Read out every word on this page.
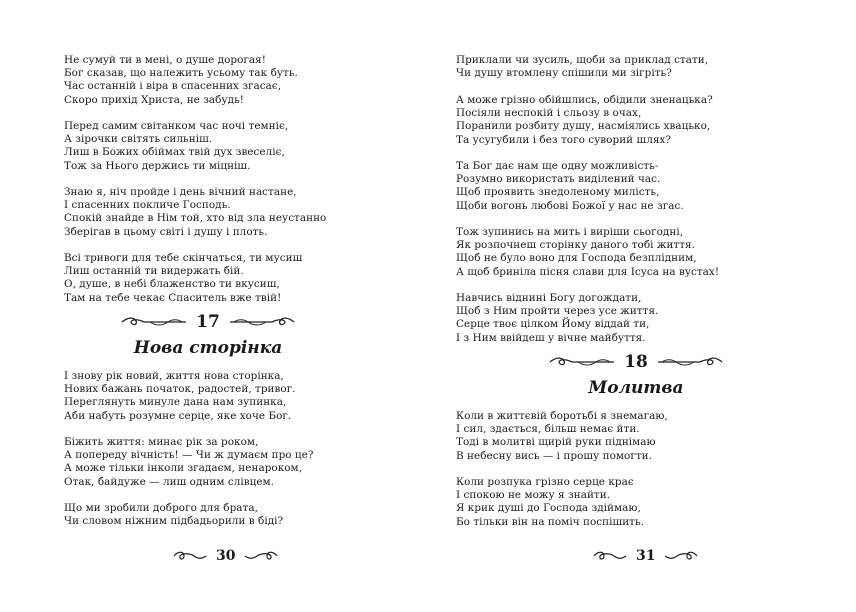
Не сумуй ти в мені, о душе дорогая!
Бог сказав, що належить усьому так буть.
Час останній і віра в спасенних згасає,
Скоро прихід Христа, не забудь!
Перед самим світанком час ночі темніє,
А зірочки світять сильніш.
Лиш в Божих обіймах твій дух звеселіє,
Тож за Нього держись ти міцніш.
Знаю я, ніч пройде і день вічний настане,
І спасенних покличе Господь.
Спокій знайде в Нім той, хто від зла неустанно
Зберігав в цьому світі і душу і плоть.
Всі тривоги для тебе скінчаться, ти мусиш
Лиш останній ти видержать бій.
О, душе, в небі блаженство ти вкусиш,
Там на тебе чекає Спаситель вже твій!
17
Нова сторінка
І знову рік новий, життя нова сторінка,
Нових бажань початок, радостей, тривог.
Переглянуть минуле дана нам зупинка,
Аби набуть розумне серце, яке хоче Бог.
Біжить життя: минає рік за роком,
А попереду вічність! — Чи ж думаєм про це?
А може тільки інколи згадаєм, ненароком,
Отак, байдуже — лиш одним слівцем.
Що ми зробили доброго для брата,
Чи словом ніжним підбадьорили в біді?
30
Приклали чи зусиль, щоби за приклад стати,
Чи душу втомлену спішили ми зігріть?
А може грізно обійшлись, обідили зненацька?
Посіяли неспокій і сльозу в очах,
Поранили розбиту душу, насміялись хвацько,
Та усугубили і без того суворий шлях?
Та Бог дає нам ще одну можливість-
Розумно використать виділений час.
Щоб проявить знедоленому милість,
Щоби вогонь любові Божої у нас не згас.
Тож зупинись на мить і виріши сьогодні,
Як розпочнеш сторінку даного тобі життя.
Щоб не було воно для Господа безплідним,
А щоб бриніла пісня слави для Ісуса на вустах!
Навчись віднині Богу догождати,
Щоб з Ним пройти через усе життя.
Серце твоє цілком Йому віддай ти,
І з Ним ввійдеш у вічне майбуття.
18
Молитва
Коли в життєвій боротьбі я знемагаю,
І сил, здається, більш немає йти.
Тоді в молитві щирій руки піднімаю
В небесну вись — і прошу помогти.
Коли розпука грізно серце крає
І спокою не можу я знайти.
Я крик душі до Господа здіймаю,
Бо тільки він на поміч поспішить.
31
